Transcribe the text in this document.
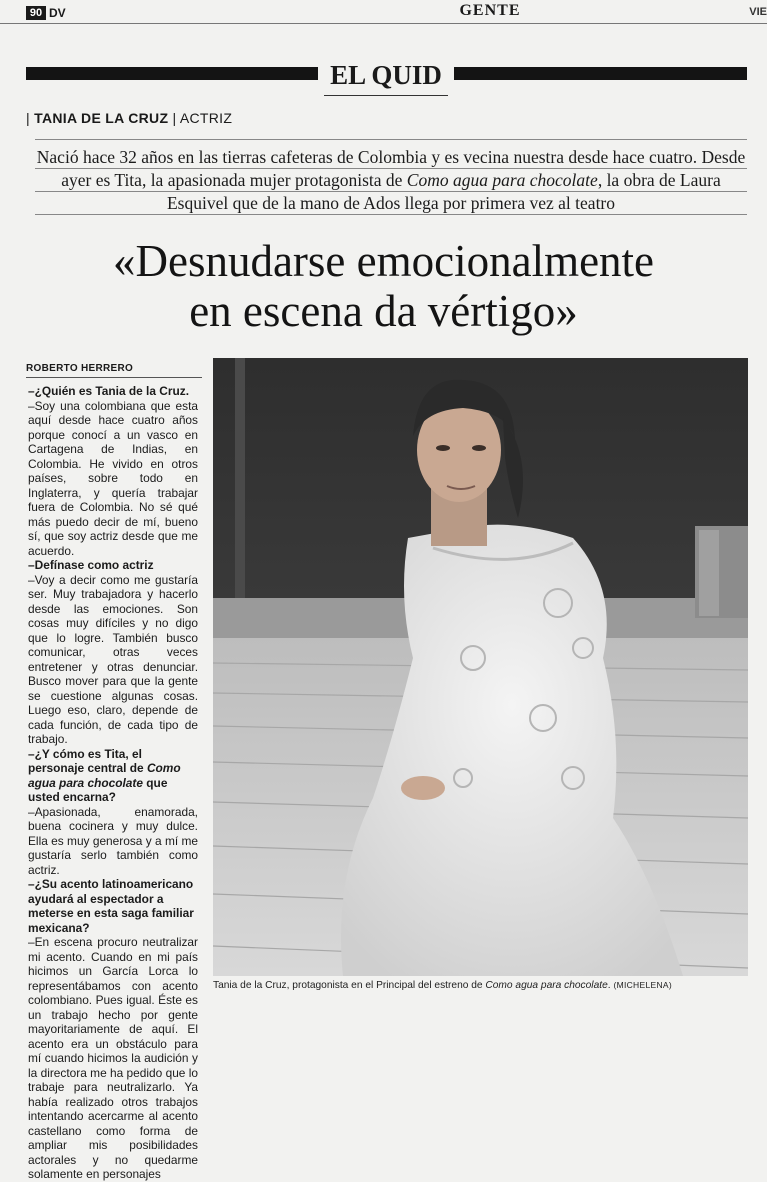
90 DV	GENTE	VIE
EL QUID
| TANIA DE LA CRUZ | ACTRIZ
Nació hace 32 años en las tierras cafeteras de Colombia y es vecina nuestra desde hace cuatro. Desde ayer es Tita, la apasionada mujer protagonista de Como agua para chocolate, la obra de Laura Esquivel que de la mano de Ados llega por primera vez al teatro
«Desnudarse emocionalmente
en escena da vértigo»
ROBERTO HERRERO

–¿Quién es Tania de la Cruz.

–Soy una colombiana que esta aquí desde hace cuatro años porque conocí a un vasco en Cartagena de Indias, en Colombia. He vivido en otros países, sobre todo en Inglaterra, y quería trabajar fuera de Colombia. No sé qué más puedo decir de mí, bueno sí, que soy actriz desde que me acuerdo.

–Defínase como actriz

–Voy a decir como me gustaría ser. Muy trabajadora y hacerlo desde las emociones. Son cosas muy difíciles y no digo que lo logre. También busco comunicar, otras veces entretener y otras denunciar. Busco mover para que la gente se cuestione algunas cosas. Luego eso, claro, depende de cada función, de cada tipo de trabajo.

–¿Y cómo es Tita, el personaje central de Como agua para chocolate que usted encarna?

–Apasionada, enamorada, buena cocinera y muy dulce. Ella es muy generosa y a mí me gustaría serlo también como actriz.

–¿Su acento latinoamericano ayudará al espectador a meterse en esta saga familiar mexicana?

–En escena procuro neutralizar mi acento. Cuando en mi país hicimos un García Lorca lo representábamos con acento colombiano. Pues igual. Éste es un trabajo hecho por gente mayoritariamente de aquí. El acento era un obstáculo para mí cuando hicimos la audición y la directora me ha pedido que lo trabaje para neutralizarlo. Ya había realizado otros trabajos intentando acercarme al acento castellano como forma de ampliar mis posibilidades actorales y no quedarme solamente en personajes

Tania de la Cruz, protagonista en el Principal del estreno de Como agua para chocolate. (MICHELENA)
